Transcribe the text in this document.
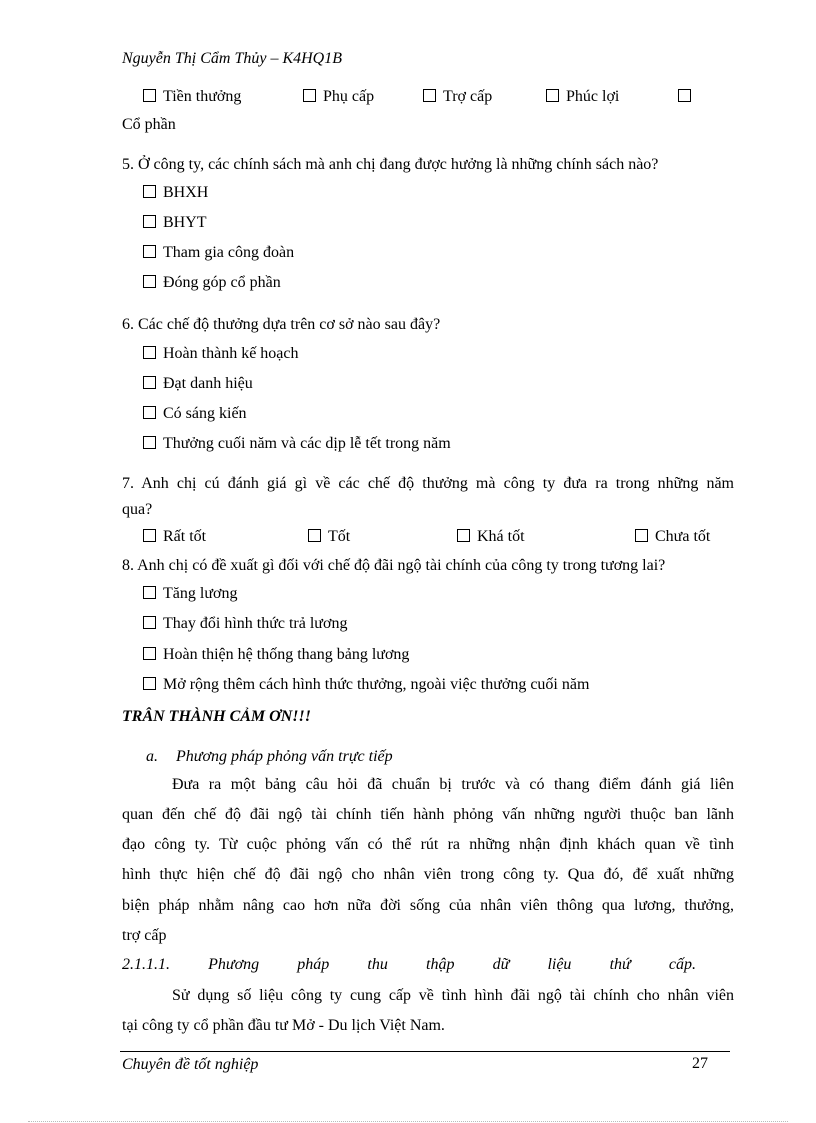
Nguyễn Thị Cẩm Thủy – K4HQ1B
Tiền thưởng	Phụ cấp	Trợ cấp	Phúc lợi
Cổ phần
5. Ở công ty, các chính sách mà anh chị đang được hưởng là những chính sách nào?
BHXH
BHYT
Tham gia công đoàn
Đóng góp cổ phần
6. Các chế độ thưởng dựa trên cơ sở nào sau đây?
Hoàn thành kế hoạch
Đạt danh hiệu
Có sáng kiến
Thưởng cuối năm và các dịp lễ tết trong năm
7. Anh chị cú đánh giá gì về các chế độ thưởng mà công ty đưa ra trong những năm
qua?
Rất tốt	Tốt	Khá tốt	Chưa tốt
8. Anh chị có đề xuất gì đối với chế độ đãi ngộ tài chính của công ty trong tương lai?
Tăng lương
Thay đổi hình thức trả lương
Hoàn thiện hệ thống thang bảng lương
Mở rộng thêm cách hình thức thưởng, ngoài việc thưởng cuối năm
TRÂN THÀNH CẢM ƠN!!!
a. Phương pháp phỏng vấn trực tiếp
Đưa ra một bảng câu hỏi đã chuẩn bị trước và có thang điểm đánh giá liên
quan đến chế độ đãi ngộ tài chính tiến hành phỏng vấn những người thuộc ban lãnh
đạo công ty. Từ cuộc phỏng vấn có thể rút ra những nhận định khách quan về tình
hình thực hiện chế độ đãi ngộ cho nhân viên trong công ty. Qua đó, để xuất những
biện pháp nhằm nâng cao hơn nữa đời sống của nhân viên thông qua lương, thưởng,
trợ cấp
2.1.1.1. Phương pháp thu thập dữ liệu thứ cấp.
Sử dụng số liệu công ty cung cấp về tình hình đãi ngộ tài chính cho nhân viên
tại công ty cổ phần đầu tư Mở - Du lịch Việt Nam.
Chuyên đề tốt nghiệp	27
